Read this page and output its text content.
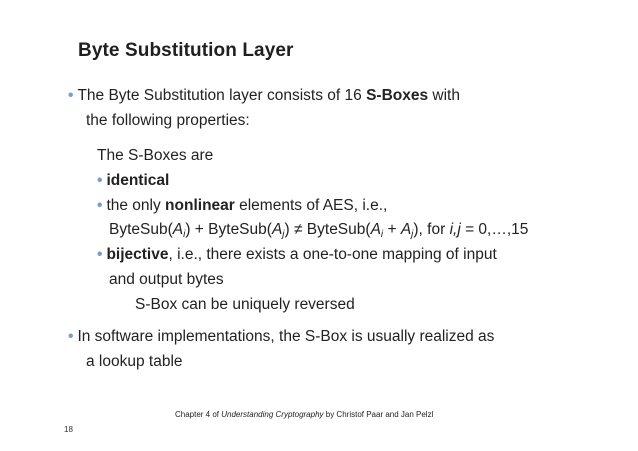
Byte Substitution Layer
• The Byte Substitution layer consists of 16 S-Boxes with
the following properties:
The S-Boxes are
• identical
• the only nonlinear elements of AES, i.e.,
$ByteSub(A_i)$ + $ByteSub(A_j)$ ≠ $ByteSub(A_i + A_j)$, for i,j = 0,…,15
• bijective, i.e., there exists a one-to-one mapping of input
and output bytes
S-Box can be uniquely reversed
• In software implementations, the S-Box is usually realized as
a lookup table
Chapter 4 of Understanding Cryptography by Christof Paar and Jan Pelzl
18
